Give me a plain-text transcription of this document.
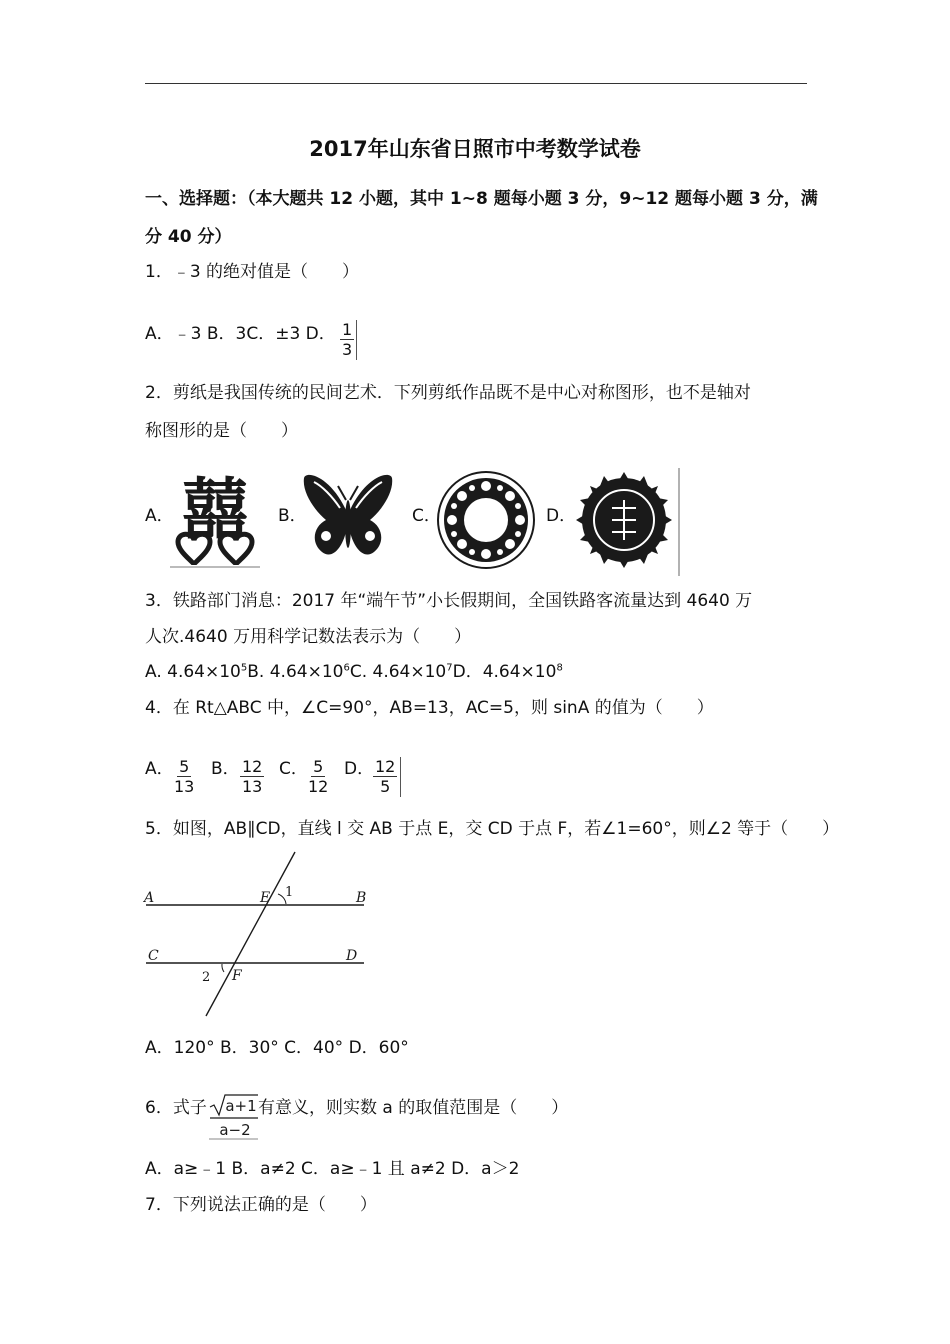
2017年山东省日照市中考数学试卷
一、选择题：（本大题共 12 小题，其中 1~8 题每小题 3 分，9~12 题每小题 3 分，满
分 40 分）
1．﹣3 的绝对值是（　　）
A．﹣3 B．3C．±3 D． $\frac{1}{3}$
2．剪纸是我国传统的民间艺术．下列剪纸作品既不是中心对称图形，也不是轴对
称图形的是（　　）
A． 囍 B．	C．	D．
3．铁路部门消息：2017 年“端午节”小长假期间，全国铁路客流量达到 4640 万
人次.4640 万用科学记数法表示为（　　）
A. $4.64\times 10^5B$. $4.64\times 10^6C$. $4.64\times 10^7D$．$4.64\times 10^8$
4．在 Rt△ABC 中，∠C=90°，AB=13，AC=5，则 sinA 的值为（　　）
A．
$\frac{5}{13}$ B． $\frac{12}{13}$ C．
$\frac{5}{12}$ D．
$\frac{12}{5}$
5．如图，AB∥CD，直线 l 交 AB 于点 E，交 CD 于点 F，若∠1=60°，则∠2 等于（　　）
A	B
C	D
E
F
1
2
A．120° B．30° C．40° D．60°
6．式子 a+1
a−2
有意义，则实数 a 的取值范围是（　　）
A．a≥﹣1 B．a≠2 C．a≥﹣1 且 a≠2 D．a＞2
7．下列说法正确的是（　　）
